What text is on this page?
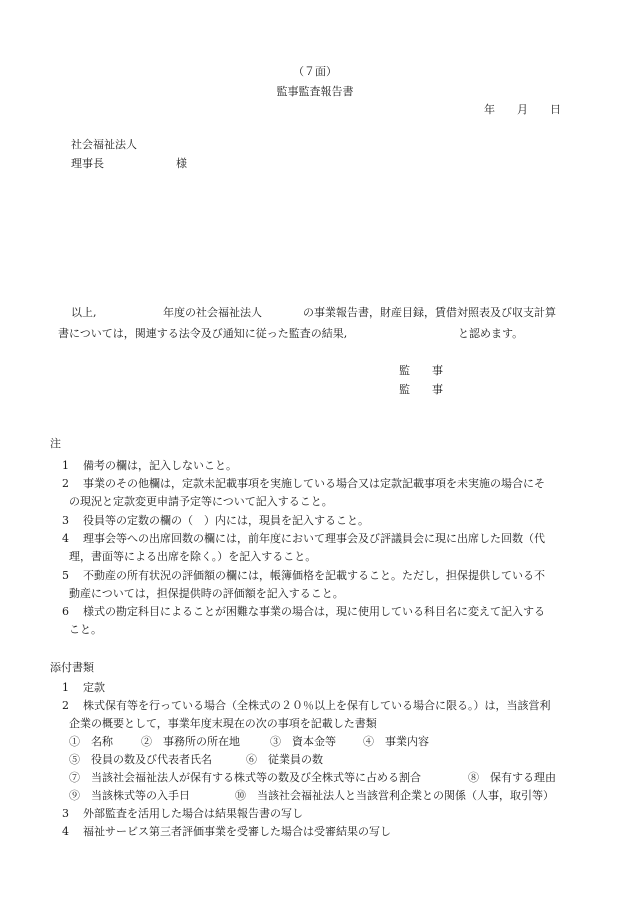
（７面）
監事監査報告書
年 月 日
社会福祉法人
理事長	様
以上,	年度の社会福祉法人	の事業報告書，財産目録，賃借対照表及び収支計算
書については，関連する法令及び通知に従った監査の結果,	と認めます。
監　　事
監　　事
注
1 備考の欄は，記入しないこと。
2 事業のその他欄は，定款未記載事項を実施している場合又は定款記載事項を未実施の場合にそ
の現況と定款変更申請予定等について記入すること。
3 役員等の定数の欄の（　）内には，現員を記入すること。
4 理事会等への出席回数の欄には，前年度において理事会及び評議員会に現に出席した回数（代
理，書面等による出席を除く。）を記入すること。
5 不動産の所有状況の評価額の欄には，帳簿価格を記載すること。ただし，担保提供している不
動産については，担保提供時の評価額を記入すること。
6 様式の勘定科目によることが困難な事業の場合は，現に使用している科目名に変えて記入する
こと。
添付書類
1 定款
2 株式保有等を行っている場合（全株式の２０％以上を保有している場合に限る。）は，当該営利
企業の概要として，事業年度末現在の次の事項を記載した書類
①　名称	②　事務所の所在地	③　資本金等 ④　事業内容
⑤　役員の数及び代表者氏名	⑥　従業員の数
⑦　当該社会福祉法人が保有する株式等の数及び全株式等に占める割合	⑧　保有する理由
⑨　当該株式等の入手日	⑩　当該社会福祉法人と当該営利企業との関係（人事，取引等）
3 外部監査を活用した場合は結果報告書の写し
4 福祉サービス第三者評価事業を受審した場合は受審結果の写し
